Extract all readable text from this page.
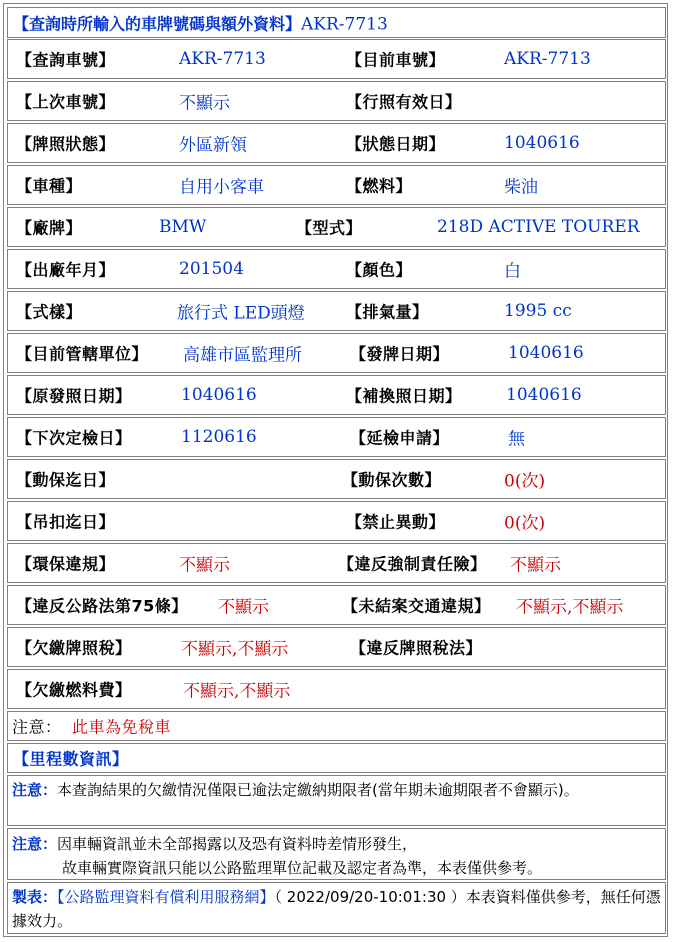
【查詢時所輸入的車牌號碼與額外資料】AKR-7713
【查詢車號】	AKR-7713	【目前車號】	AKR-7713
【上次車號】	不顯示	【行照有效日】
【牌照狀態】	外區新領	【狀態日期】	1040616
【車種】	自用小客車	【燃料】	柴油
【廠牌】	BMW	【型式】	218D ACTIVE TOURER
【出廠年月】	201504	【顏色】	白
【式樣】	旅行式 LED頭燈	【排氣量】	1995 cc
【目前管轄單位】 高雄市區監理所	【發牌日期】	1040616
【原發照日期】	1040616	【補換照日期】	1040616
【下次定檢日】	1120616	【延檢申請】	無
【動保迄日】	【動保次數】	0(次)
【吊扣迄日】	【禁止異動】	0(次)
【環保違規】	不顯示	【違反強制責任險】 不顯示
【違反公路法第75條】 不顯示	【未結案交通違規】 不顯示,不顯示
【欠繳牌照稅】	不顯示,不顯示	【違反牌照稅法】
【欠繳燃料費】	不顯示,不顯示
注意： 此車為免稅車
【里程數資訊】
注意：本查詢結果的欠繳情況僅限已逾法定繳納期限者(當年期未逾期限者不會顯示)。
注意：因車輛資訊並未全部揭露以及恐有資料時差情形發生，
故車輛實際資訊只能以公路監理單位記載及認定者為準，本表僅供參考。
製表：【公路監理資料有償利用服務網】（ 2022/09/20-10:01:30 ）本表資料僅供參考，無任何憑據效力。
